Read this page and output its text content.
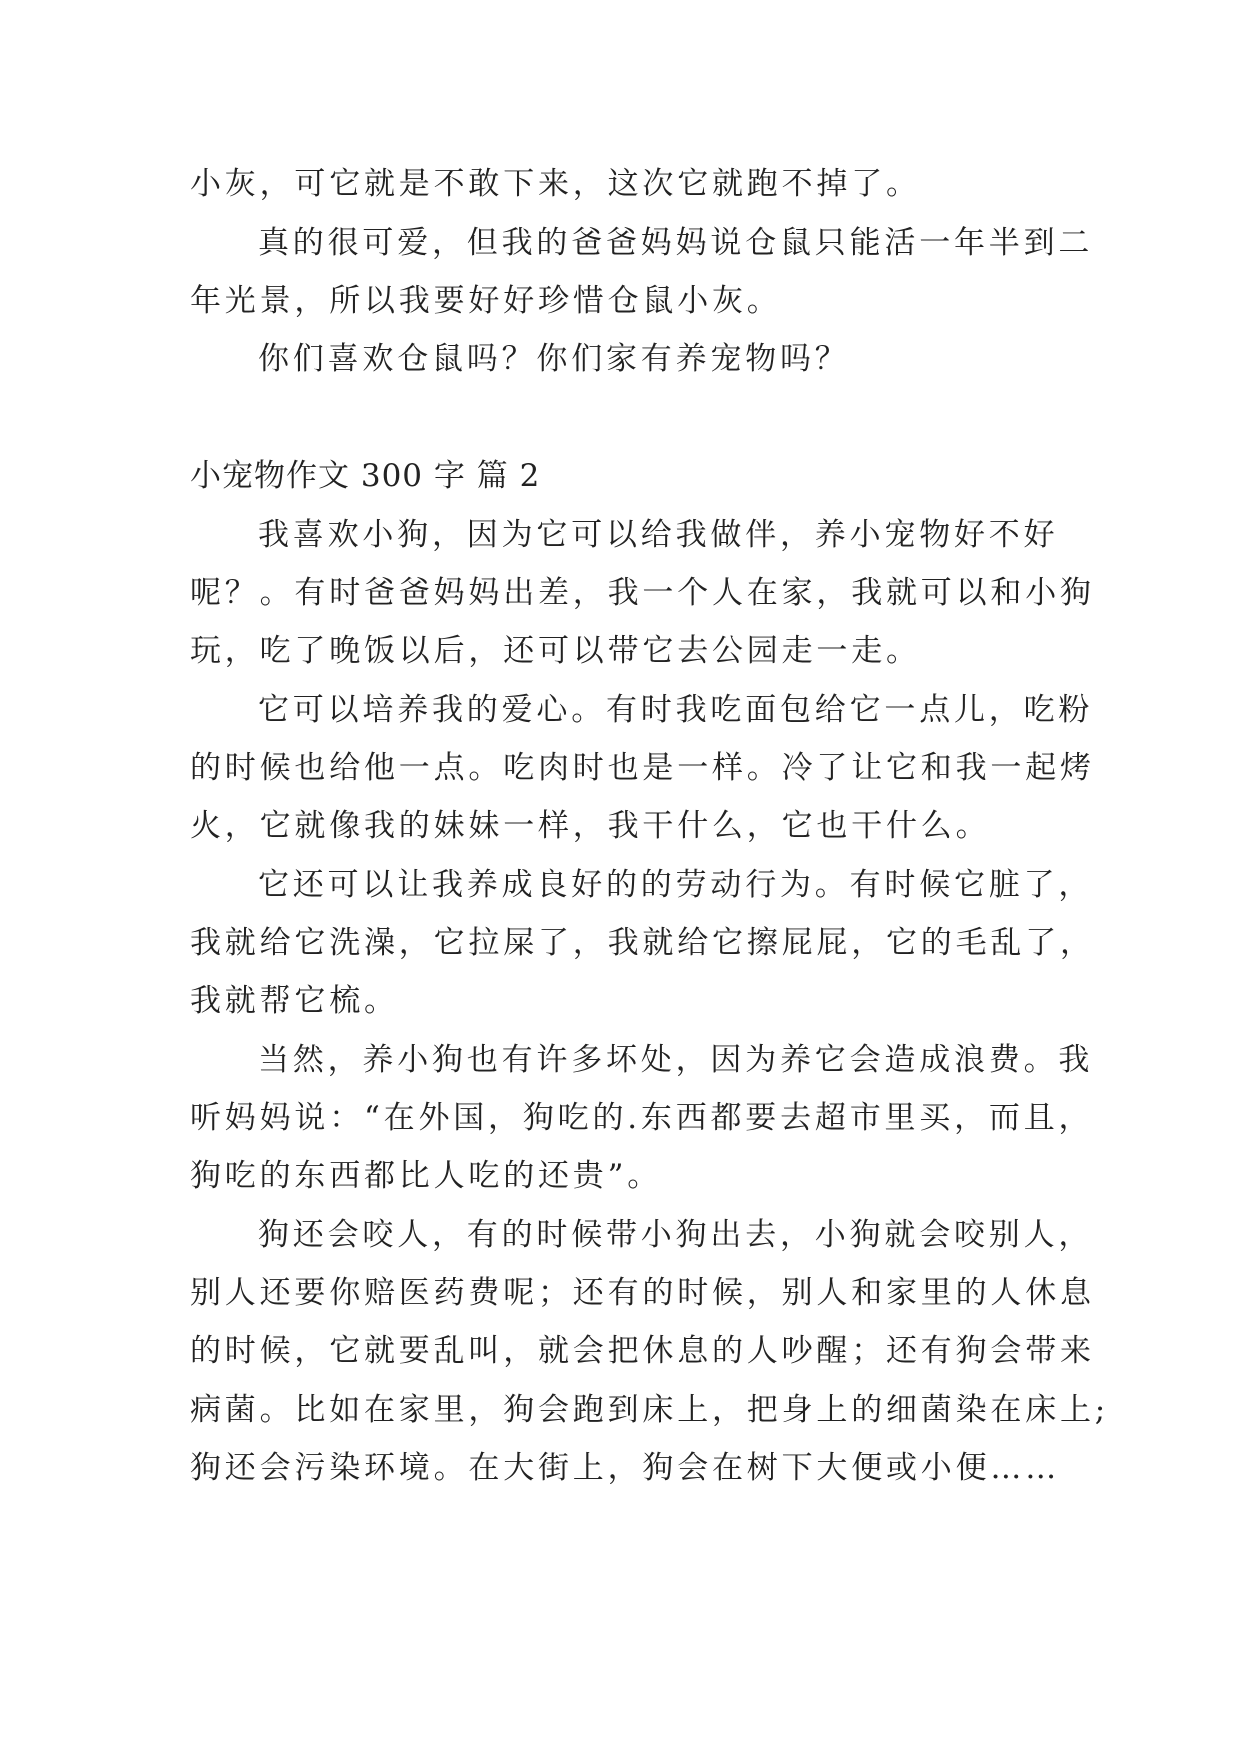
小灰，可它就是不敢下来，这次它就跑不掉了。
真的很可爱，但我的爸爸妈妈说仓鼠只能活一年半到二
年光景，所以我要好好珍惜仓鼠小灰。
你们喜欢仓鼠吗？你们家有养宠物吗？
小宠物作文 300 字 篇 2
我喜欢小狗，因为它可以给我做伴，养小宠物好不好
呢？。有时爸爸妈妈出差，我一个人在家，我就可以和小狗
玩，吃了晚饭以后，还可以带它去公园走一走。
它可以培养我的爱心。有时我吃面包给它一点儿，吃粉
的时候也给他一点。吃肉时也是一样。冷了让它和我一起烤
火，它就像我的妹妹一样，我干什么，它也干什么。
它还可以让我养成良好的的劳动行为。有时候它脏了，
我就给它洗澡，它拉屎了，我就给它擦屁屁，它的毛乱了，
我就帮它梳。
当然，养小狗也有许多坏处，因为养它会造成浪费。我
听妈妈说：“在外国，狗吃的.东西都要去超市里买，而且，
狗吃的东西都比人吃的还贵”。
狗还会咬人，有的时候带小狗出去，小狗就会咬别人，
别人还要你赔医药费呢；还有的时候，别人和家里的人休息
的时候，它就要乱叫，就会把休息的人吵醒；还有狗会带来
病菌。比如在家里，狗会跑到床上，把身上的细菌染在床上;
狗还会污染环境。在大街上，狗会在树下大便或小便……
